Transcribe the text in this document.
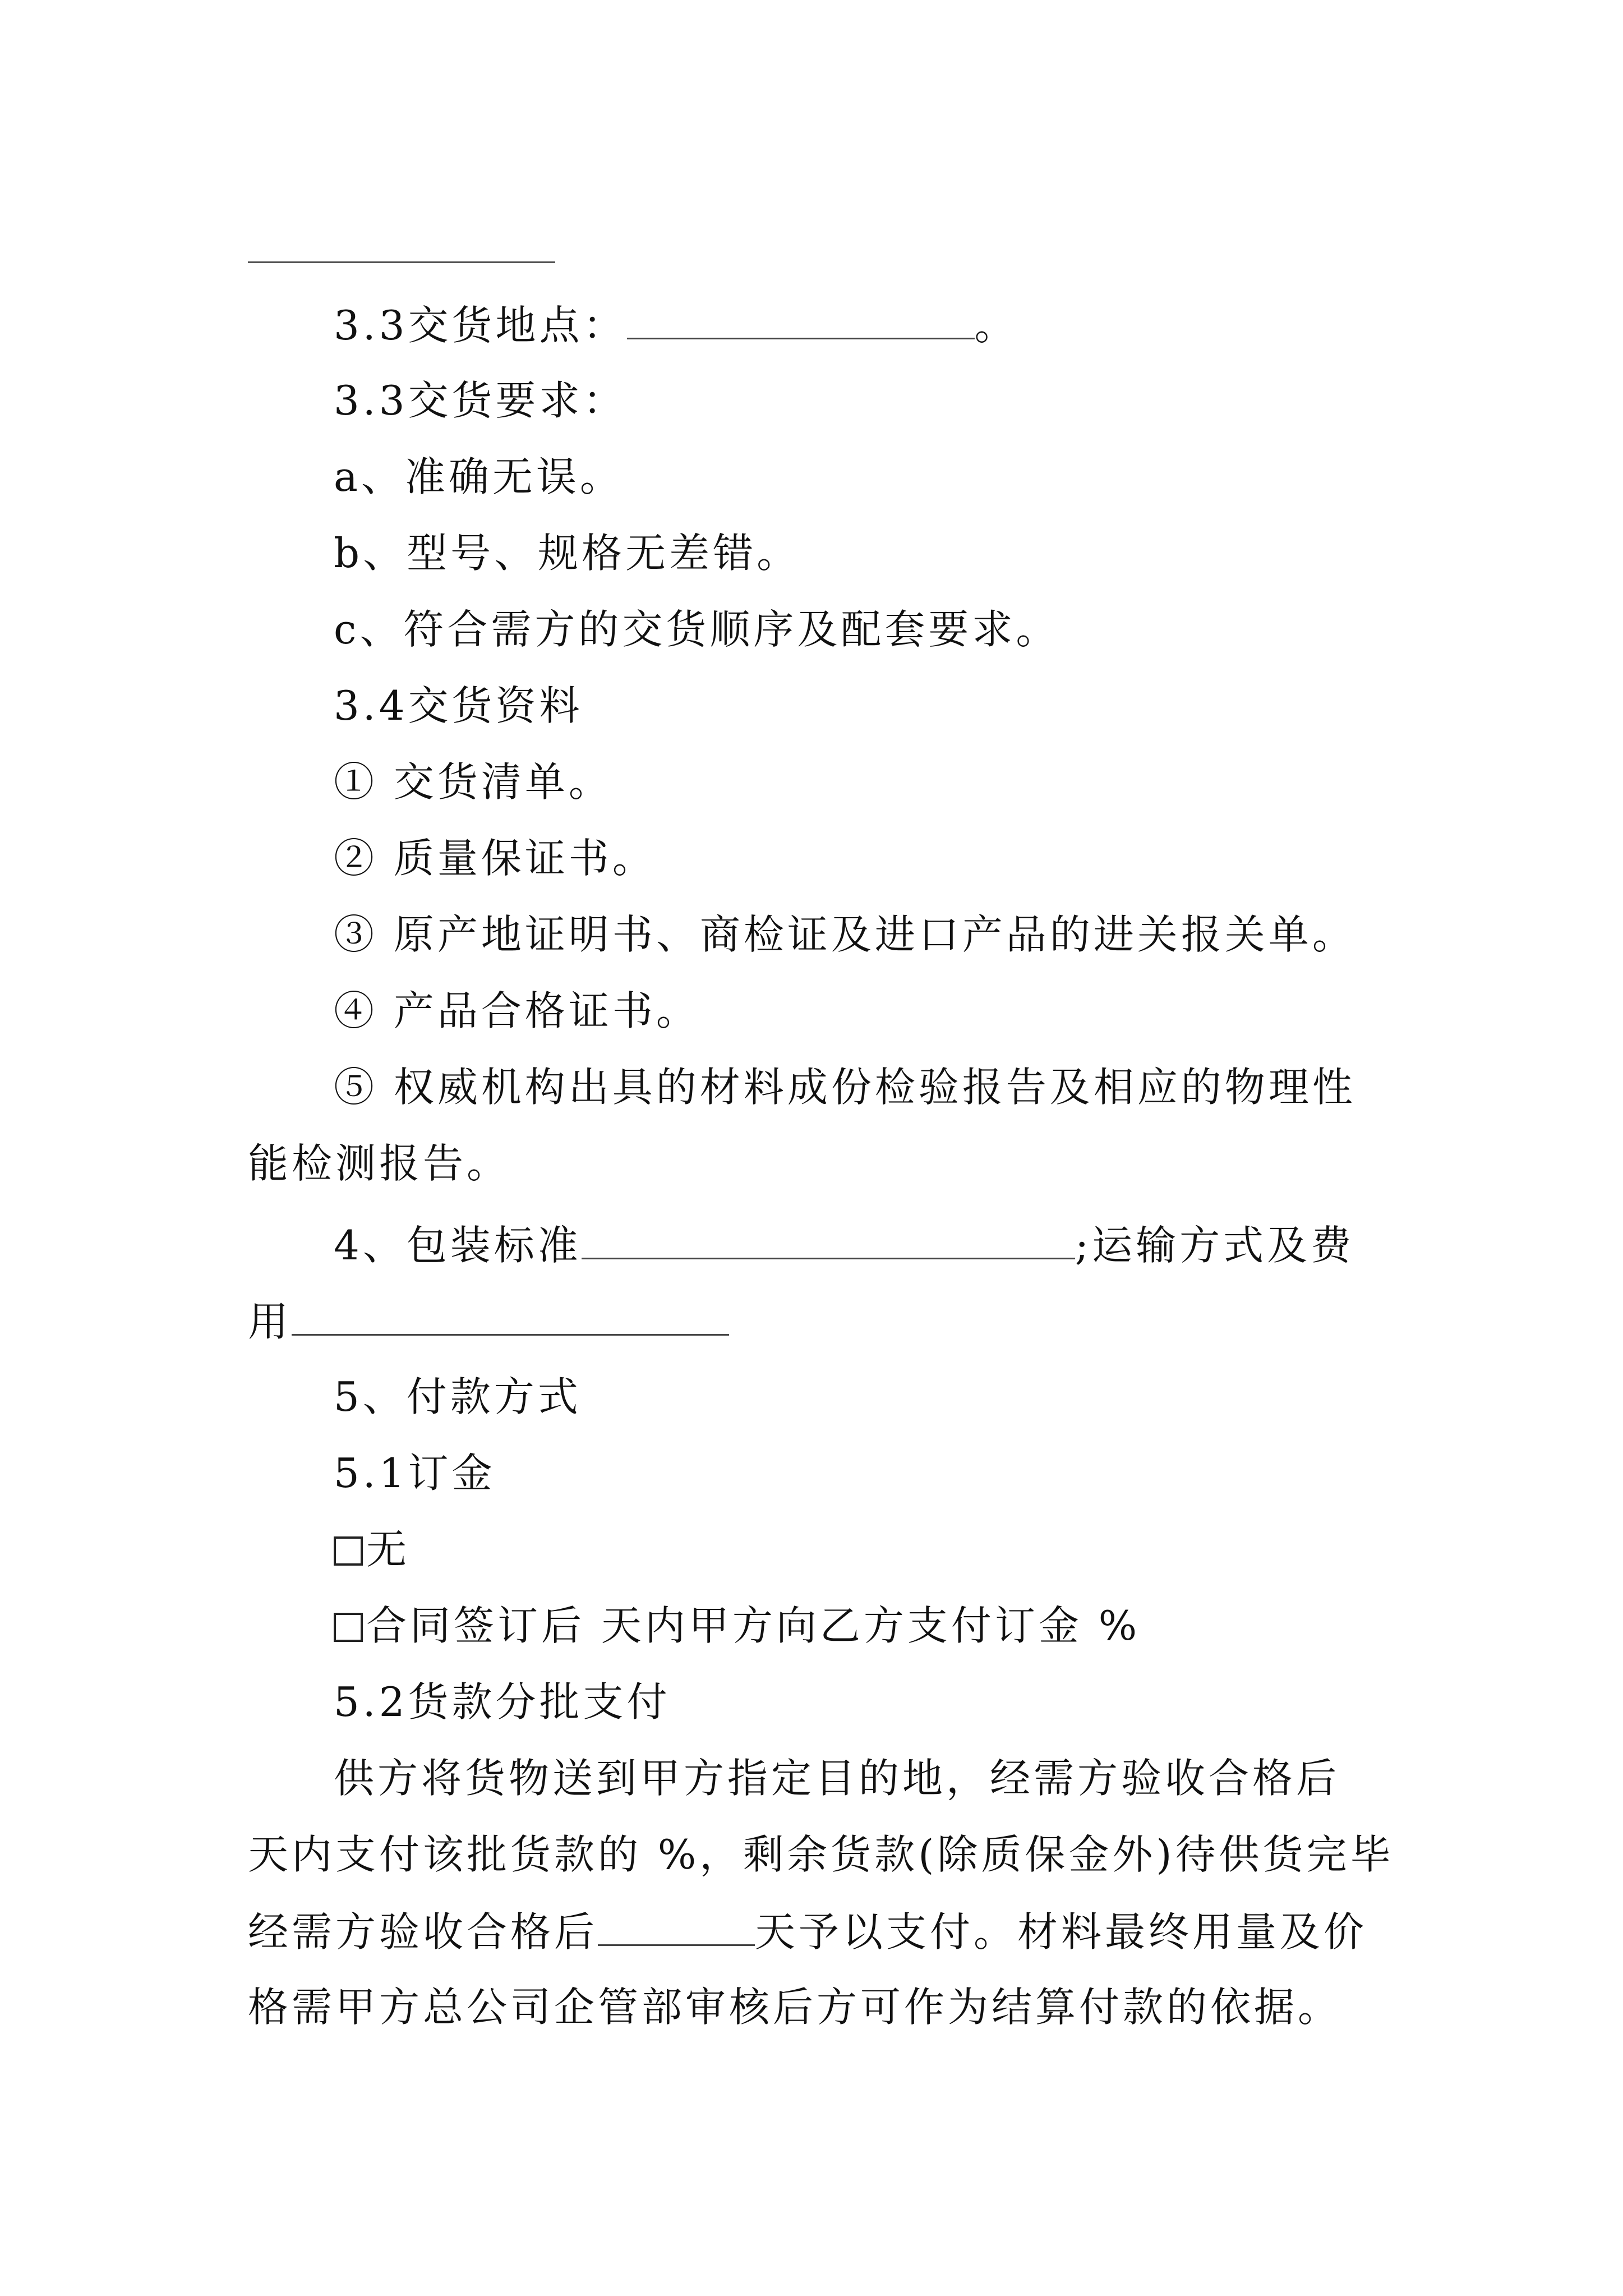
3.3交货地点：	。
3.3交货要求：
a、准确无误。
b、型号、规格无差错。
c、符合需方的交货顺序及配套要求。
3.4交货资料
① 交货清单。
② 质量保证书。
③ 原产地证明书、商检证及进口产品的进关报关单。
④ 产品合格证书。
⑤ 权威机构出具的材料成份检验报告及相应的物理性
能检测报告。
4、包装标准	;运输方式及费
用
5、付款方式
5.1订金
无
合同签订后 天内甲方向乙方支付订金 %
5.2货款分批支付
供方将货物送到甲方指定目的地，经需方验收合格后
天内支付该批货款的 %，剩余货款(除质保金外)待供货完毕
经需方验收合格后	天予以支付。材料最终用量及价
格需甲方总公司企管部审核后方可作为结算付款的依据。
